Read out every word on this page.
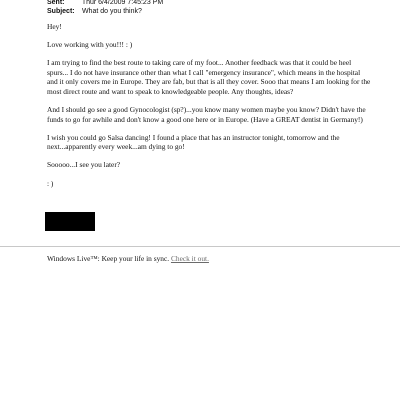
Sent: Thur 6/4/2009 7:45:23 PM
Subject: What do you think?

Hey!

Love working with you!!! : )

I am trying to find the best route to taking care of my foot... Another feedback was that it could be heel spurs... I do not have insurance other than what I call "emergency insurance", which means in the hospital and it only covers me in Europe. They are fab, but that is all they cover. Sooo that means I am looking for the most direct route and want to speak to knowledgeable people. Any thoughts, ideas?

And I should go see a good Gynocologist (sp?)...you know many women maybe you know? Didn't have the funds to go for awhile and don't know a good one here or in Europe. (Have a GREAT dentist in Germany!)

I wish you could go Salsa dancing! I found a place that has an instructor tonight, tomorrow and the next...apparently every week...am dying to go!

Sooooo...I see you later?

: )

Windows Live™: Keep your life in sync. Check it out.
